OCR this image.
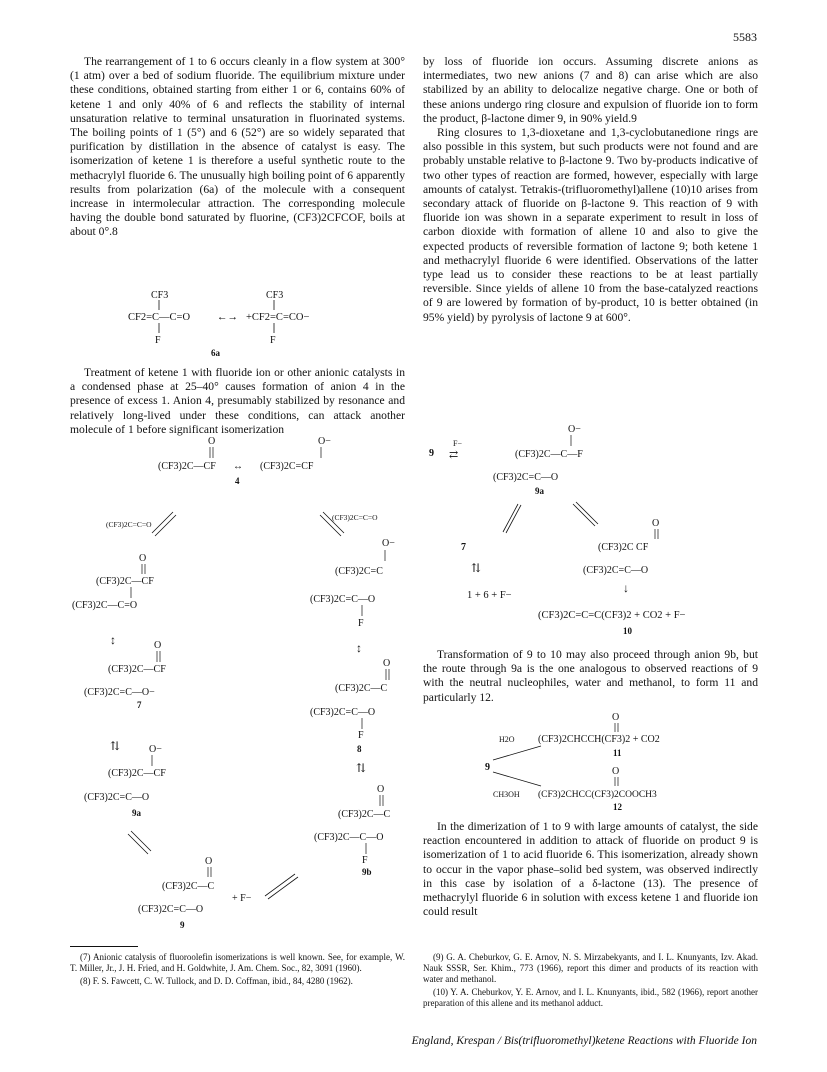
5583

The rearrangement of 1 to 6 occurs cleanly in a flow system at 300° (1 atm) over a bed of sodium fluoride. The equilibrium mixture under these conditions, obtained starting from either 1 or 6, contains 60% of ketene 1 and only 40% of 6 and reflects the stability of internal unsaturation relative to terminal unsaturation in fluorinated systems. The boiling points of 1 (5°) and 6 (52°) are so widely separated that purification by distillation in the absence of catalyst is easy. The isomerization of ketene 1 is therefore a useful synthetic route to the methacrylyl fluoride 6. The unusually high boiling point of 6 apparently results from polarization (6a) of the molecule with a consequent increase in intermolecular attraction. The corresponding molecule having the double bond saturated by fluorine, (CF3)2CFCOF, boils at about 0°.8

CF3
CF2=C—C=O
F
←→
CF3
+CF2=C=CO−
F
6a

Treatment of ketene 1 with fluoride ion or other anionic catalysts in a condensed phase at 25–40° causes formation of anion 4 in the presence of excess 1. Anion 4, presumably stabilized by resonance and relatively long-lived under these conditions, can attack another molecule of 1 before significant isomerization

O
(CF3)2C—CF ↔
O−
(CF3)2C=CF
4
(CF3)2C=C=O
(CF3)2C=C=O
O
(CF3)2C—CF
(CF3)2C—C=O
O−
(CF3)2C=C
(CF3)2C=C—O
F
↕
↕
O
(CF3)2C—CF
(CF3)2C=C—O−
7
⇅
O
(CF3)2C—C
(CF3)2C=C—O
F
8
⇅
O−
(CF3)2C—CF
(CF3)2C=C—O
9a
O
(CF3)2C—C
(CF3)2C—C—O
F
9b
O
(CF3)2C—C
(CF3)2C=C—O
+ F−
9

by loss of fluoride ion occurs. Assuming discrete anions as intermediates, two new anions (7 and 8) can arise which are also stabilized by an ability to delocalize negative charge. One or both of these anions undergo ring closure and expulsion of fluoride ion to form the product, β-lactone dimer 9, in 90% yield.9

Ring closures to 1,3-dioxetane and 1,3-cyclobutanedione rings are also possible in this system, but such products were not found and are probably unstable relative to β-lactone 9. Two by-products indicative of two other types of reaction are formed, however, especially with large amounts of catalyst. Tetrakis-(trifluoromethyl)allene (10)10 arises from secondary attack of fluoride on β-lactone 9. This reaction of 9 with fluoride ion was shown in a separate experiment to result in loss of carbon dioxide with formation of allene 10 and also to give the expected products of reversible formation of lactone 9; both ketene 1 and methacrylyl fluoride 6 were identified. Observations of the latter type lead us to consider these reactions to be at least partially reversible. Since yields of allene 10 from the base-catalyzed reactions of 9 are lowered by formation of by-product, 10 is better obtained (in 95% yield) by pyrolysis of lactone 9 at 600°.

9
F−
⇄
O−
(CF3)2C—C—F
(CF3)2C=C—O
9a
7
⇅
O
(CF3)2C CF
(CF3)2C=C—O
↓
1 + 6 + F−
(CF3)2C=C=C(CF3)2 + CO2 + F−
10

Transformation of 9 to 10 may also proceed through anion 9b, but the route through 9a is the one analogous to observed reactions of 9 with the neutral nucleophiles, water and methanol, to form 11 and particularly 12.

O
H2O (CF3)2CHCCH(CF3)2 + CO2
11
9	O
CH3OH (CF3)2CHCC(CF3)2COOCH3
12

In the dimerization of 1 to 9 with large amounts of catalyst, the side reaction encountered in addition to attack of fluoride on product 9 is isomerization of 1 to acid fluoride 6. This isomerization, already shown to occur in the vapor phase–solid bed system, was observed indirectly in this case by isolation of a δ-lactone (13). The presence of methacrylyl fluoride 6 in solution with excess ketene 1 and fluoride ion could result

(7) Anionic catalysis of fluoroolefin isomerizations is well known. See, for example, W. T. Miller, Jr., J. H. Fried, and H. Goldwhite, J. Am. Chem. Soc., 82, 3091 (1960).

(8) F. S. Fawcett, C. W. Tullock, and D. D. Coffman, ibid., 84, 4280 (1962).

(9) G. A. Cheburkov, G. E. Arnov, N. S. Mirzabekyants, and I. L. Knunyants, Izv. Akad. Nauk SSSR, Ser. Khim., 773 (1966), report this dimer and products of its reaction with water and methanol.

(10) Y. A. Cheburkov, Y. E. Arnov, and I. L. Knunyants, ibid., 582 (1966), report another preparation of this allene and its methanol adduct.

England, Krespan / Bis(trifluoromethyl)ketene Reactions with Fluoride Ion
